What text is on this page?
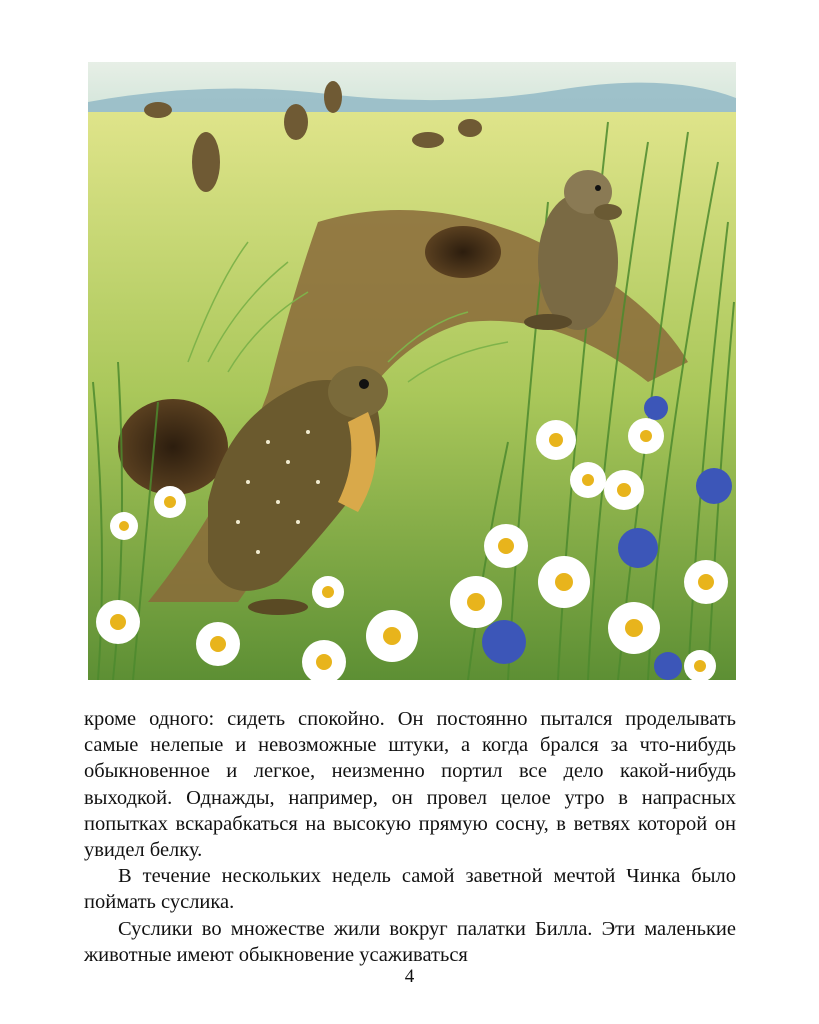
кроме одного: сидеть спокойно. Он постоянно пытался проделывать самые нелепые и невозможные штуки, а когда брался за что-нибудь обыкновенное и легкое, неизменно портил все дело какой-нибудь выходкой. Однажды, например, он провел целое утро в напрасных попытках вскарабкаться на высокую прямую сосну, в ветвях которой он увидел белку.

В течение нескольких недель самой заветной мечтой Чинка было поймать суслика.

Суслики во множестве жили вокруг палатки Билла. Эти маленькие животные имеют обыкновение усаживаться

4
